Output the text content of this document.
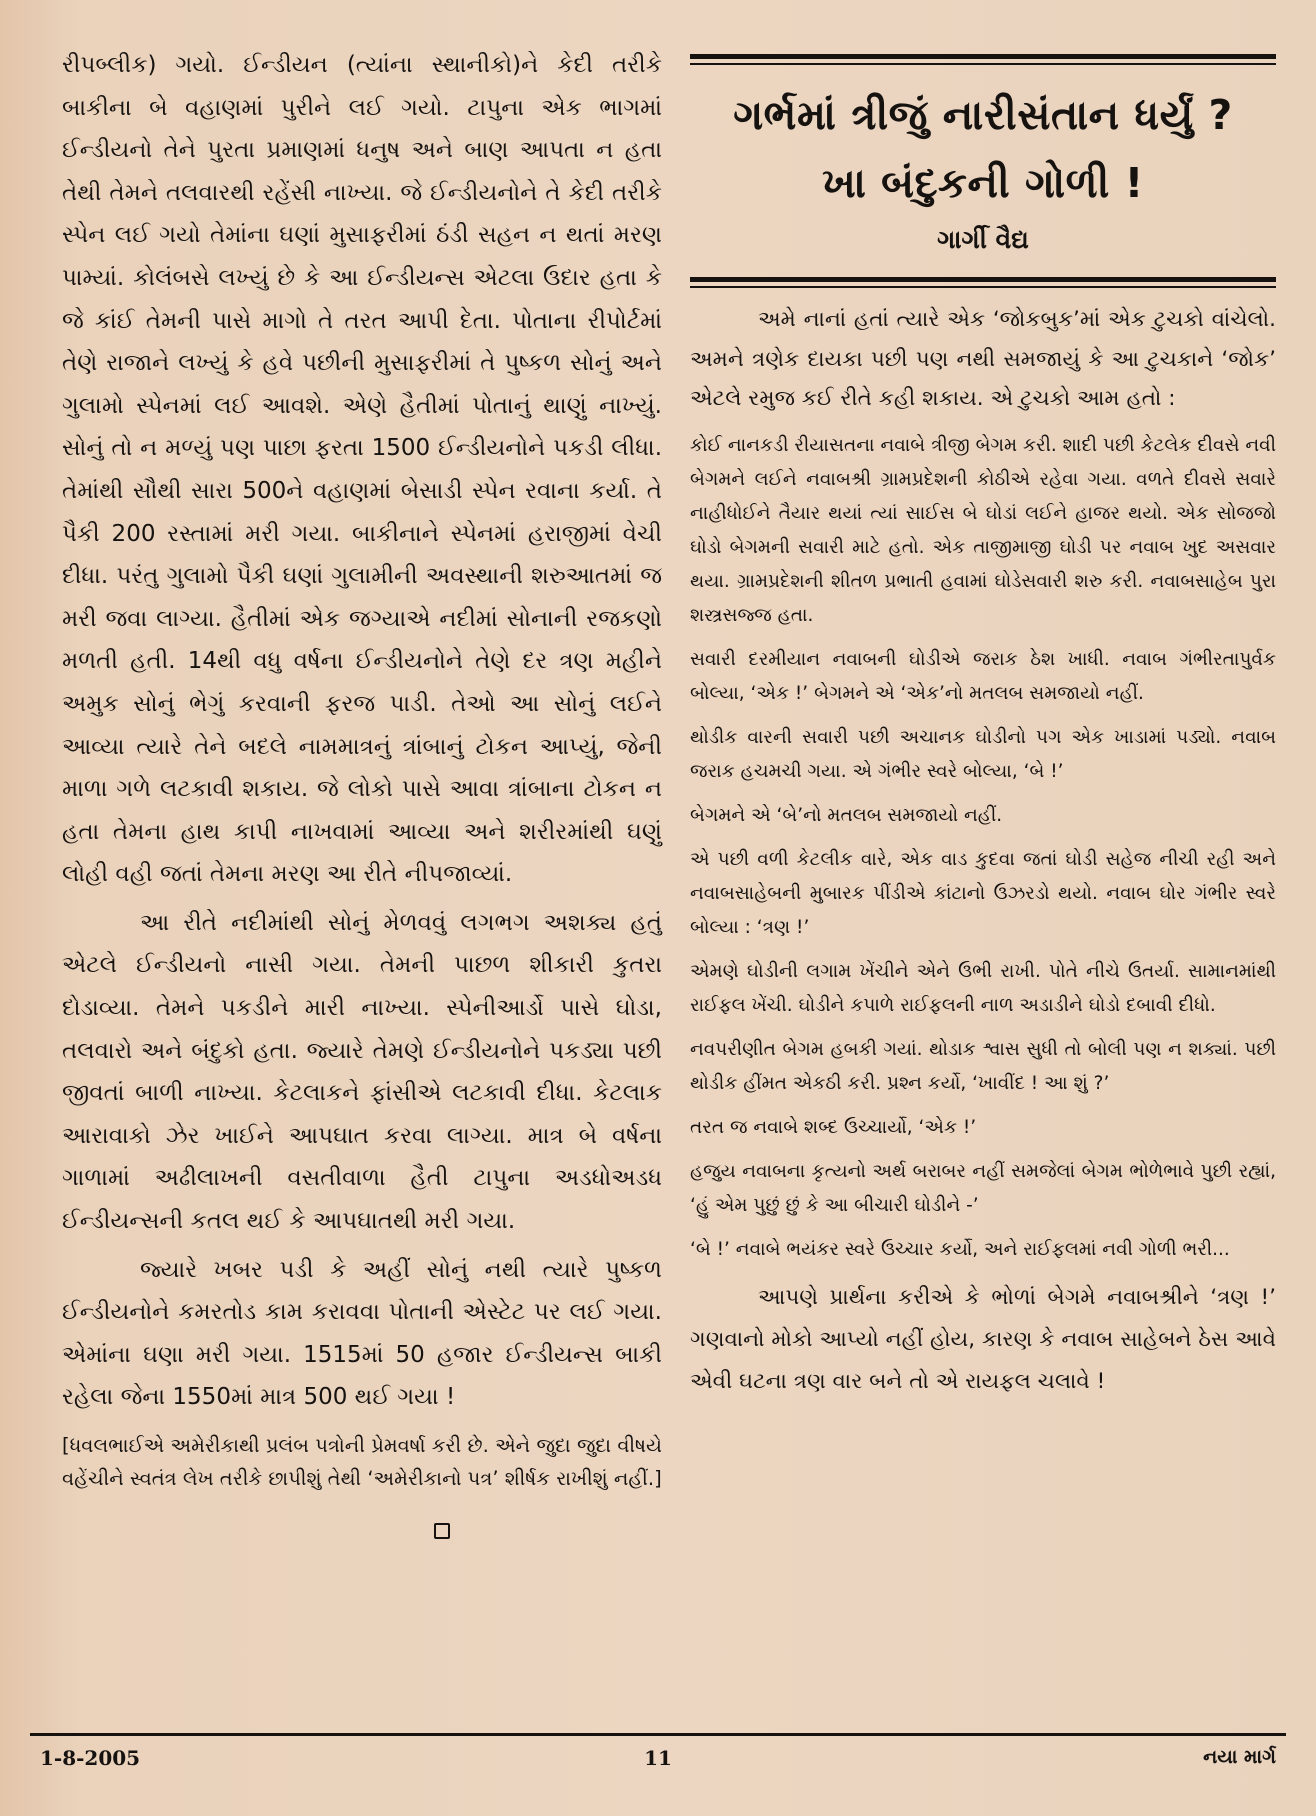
રીપબ્લીક) ગયો. ઈન્ડીયન (ત્યાંના સ્થાનીકો)ને કેદી તરીકે બાકીના બે વહાણમાં પુરીને લઈ ગયો. ટાપુના એક ભાગમાં ઈન્ડીયનો તેને પુરતા પ્રમાણમાં ધનુષ અને બાણ આપતા ન હતા તેથી તેમને તલવારથી રહેંસી નાખ્યા. જે ઈન્ડીયનોને તે કેદી તરીકે સ્પેન લઈ ગયો તેમાંના ઘણાં મુસાફરીમાં ઠંડી સહન ન થતાં મરણ પામ્યાં. કોલંબસે લખ્યું છે કે આ ઈન્ડીયન્સ એટલા ઉદાર હતા કે જે કાંઈ તેમની પાસે માગો તે તરત આપી દેતા. પોતાના રીપોર્ટમાં તેણે રાજાને લખ્યું કે હવે પછીની મુસાફરીમાં તે પુષ્કળ સોનું અને ગુલામો સ્પેનમાં લઈ આવશે. એણે હૈતીમાં પોતાનું થાણું નાખ્યું. સોનું તો ન મળ્યું પણ પાછા ફરતા 1500 ઈન્ડીયનોને પકડી લીધા. તેમાંથી સૌથી સારા 500ને વહાણમાં બેસાડી સ્પેન રવાના કર્યા. તે પૈકી 200 રસ્તામાં મરી ગયા. બાકીનાને સ્પેનમાં હરાજીમાં વેચી દીધા. પરંતુ ગુલામો પૈકી ઘણાં ગુલામીની અવસ્થાની શરુઆતમાં જ મરી જવા લાગ્યા. હૈતીમાં એક જગ્યાએ નદીમાં સોનાની રજકણો મળતી હતી. 14થી વધુ વર્ષના ઈન્ડીયનોને તેણે દર ત્રણ મહીને અમુક સોનું ભેગું કરવાની ફરજ પાડી. તેઓ આ સોનું લઈને આવ્યા ત્યારે તેને બદલે નામમાત્રનું ત્રાંબાનું ટોકન આપ્યું, જેની માળા ગળે લટકાવી શકાય. જે લોકો પાસે આવા ત્રાંબાના ટોકન ન હતા તેમના હાથ કાપી નાખવામાં આવ્યા અને શરીરમાંથી ઘણું લોહી વહી જતાં તેમના મરણ આ રીતે નીપજાવ્યાં.

આ રીતે નદીમાંથી સોનું મેળવવું લગભગ અશક્ય હતું એટલે ઈન્ડીયનો નાસી ગયા. તેમની પાછળ શીકારી કુતરા દોડાવ્યા. તેમને પકડીને મારી નાખ્યા. સ્પેનીઆર્ડો પાસે ઘોડા, તલવારો અને બંદુકો હતા. જ્યારે તેમણે ઈન્ડીયનોને પકડ્યા પછી જીવતાં બાળી નાખ્યા. કેટલાકને ફાંસીએ લટકાવી દીધા. કેટલાક આરાવાકો ઝેર ખાઈને આપઘાત કરવા લાગ્યા. માત્ર બે વર્ષના ગાળામાં અઢીલાખની વસતીવાળા હૈતી ટાપુના અડધોઅડધ ઈન્ડીયન્સની કતલ થઈ કે આપઘાતથી મરી ગયા.

જ્યારે ખબર પડી કે અહીં સોનું નથી ત્યારે પુષ્કળ ઈન્ડીયનોને કમરતોડ કામ કરાવવા પોતાની એસ્ટેટ પર લઈ ગયા. એમાંના ઘણા મરી ગયા. 1515માં 50 હજાર ઈન્ડીયન્સ બાકી રહેલા જેના 1550માં માત્ર 500 થઈ ગયા !

[ધવલભાઈએ અમેરીકાથી પ્રલંબ પત્રોની પ્રેમવર્ષા કરી છે. એને જુદા જુદા વીષયે વહેંચીને સ્વતંત્ર લેખ તરીકે છાપીશું તેથી ‘અમેરીકાનો પત્ર’ શીર્ષક રાખીશું નહીં.]

ગર્ભમાં ત્રીજું નારીસંતાન ધર્યું ?
ખા બંદુકની ગોળી !
ગાર્ગી વૈદ્ય

અમે નાનાં હતાં ત્યારે એક ‘જોકબુક’માં એક ટુચકો વાંચેલો. અમને ત્રણેક દાયકા પછી પણ નથી સમજાયું કે આ ટુચકાને ‘જોક’ એટલે રમુજ કઈ રીતે કહી શકાય. એ ટુચકો આમ હતો :

કોઈ નાનકડી રીયાસતના નવાબે ત્રીજી બેગમ કરી. શાદી પછી કેટલેક દીવસે નવી બેગમને લઈને નવાબશ્રી ગ્રામપ્રદેશની કોઠીએ રહેવા ગયા. વળતે દીવસે સવારે નાહીધોઈને તૈયાર થયાં ત્યાં સાઈસ બે ઘોડાં લઈને હાજર થયો. એક સોજજો ઘોડો બેગમની સવારી માટે હતો. એક તાજીમાજી ઘોડી પર નવાબ ખુદ અસવાર થયા. ગ્રામપ્રદેશની શીતળ પ્રભાતી હવામાં ઘોડેસવારી શરુ કરી. નવાબસાહેબ પુરા શસ્ત્રસજ્જ હતા.

સવારી દરમીયાન નવાબની ઘોડીએ જરાક ઠેશ ખાધી. નવાબ ગંભીરતાપુર્વક બોલ્યા, ‘એક !’ બેગમને એ ‘એક’નો મતલબ સમજાયો નહીં.

થોડીક વારની સવારી પછી અચાનક ઘોડીનો પગ એક ખાડામાં પડ્યો. નવાબ જરાક હચમચી ગયા. એ ગંભીર સ્વરે બોલ્યા, ‘બે !’

બેગમને એ ‘બે’નો મતલબ સમજાયો નહીં.

એ પછી વળી કેટલીક વારે, એક વાડ કુદવા જતાં ઘોડી સહેજ નીચી રહી અને નવાબસાહેબની મુબારક પીંડીએ કાંટાનો ઉઝરડો થયો. નવાબ ઘોર ગંભીર સ્વરે બોલ્યા : ‘ત્રણ !’

એમણે ઘોડીની લગામ ખેંચીને એને ઉભી રાખી. પોતે નીચે ઉતર્યા. સામાનમાંથી રાઈફલ ખેંચી. ઘોડીને કપાળે રાઈફલની નાળ અડાડીને ઘોડો દબાવી દીધો.

નવપરીણીત બેગમ હબકી ગયાં. થોડાક શ્વાસ સુધી તો બોલી પણ ન શક્યાં. પછી થોડીક હીંમત એકઠી કરી. પ્રશ્ન કર્યો, ‘ખાવીંદ ! આ શું ?’

તરત જ નવાબે શબ્દ ઉચ્ચાર્યો, ‘એક !’

હજુય નવાબના કૃત્યનો અર્થ બરાબર નહીં સમજેલાં બેગમ ભોળેભાવે પુછી રહ્યાં, ‘હું એમ પુછું છું કે આ બીચારી ઘોડીને -’

‘બે !’ નવાબે ભયંકર સ્વરે ઉચ્ચાર કર્યો, અને રાઈફલમાં નવી ગોળી ભરી...

આપણે પ્રાર્થના કરીએ કે ભોળાં બેગમે નવાબશ્રીને ‘ત્રણ !’ ગણવાનો મોકો આપ્યો નહીં હોય, કારણ કે નવાબ સાહેબને ઠેસ આવે એવી ઘટના ત્રણ વાર બને તો એ રાયફલ ચલાવે !

1-8-2005	11	નયા માર્ગ
